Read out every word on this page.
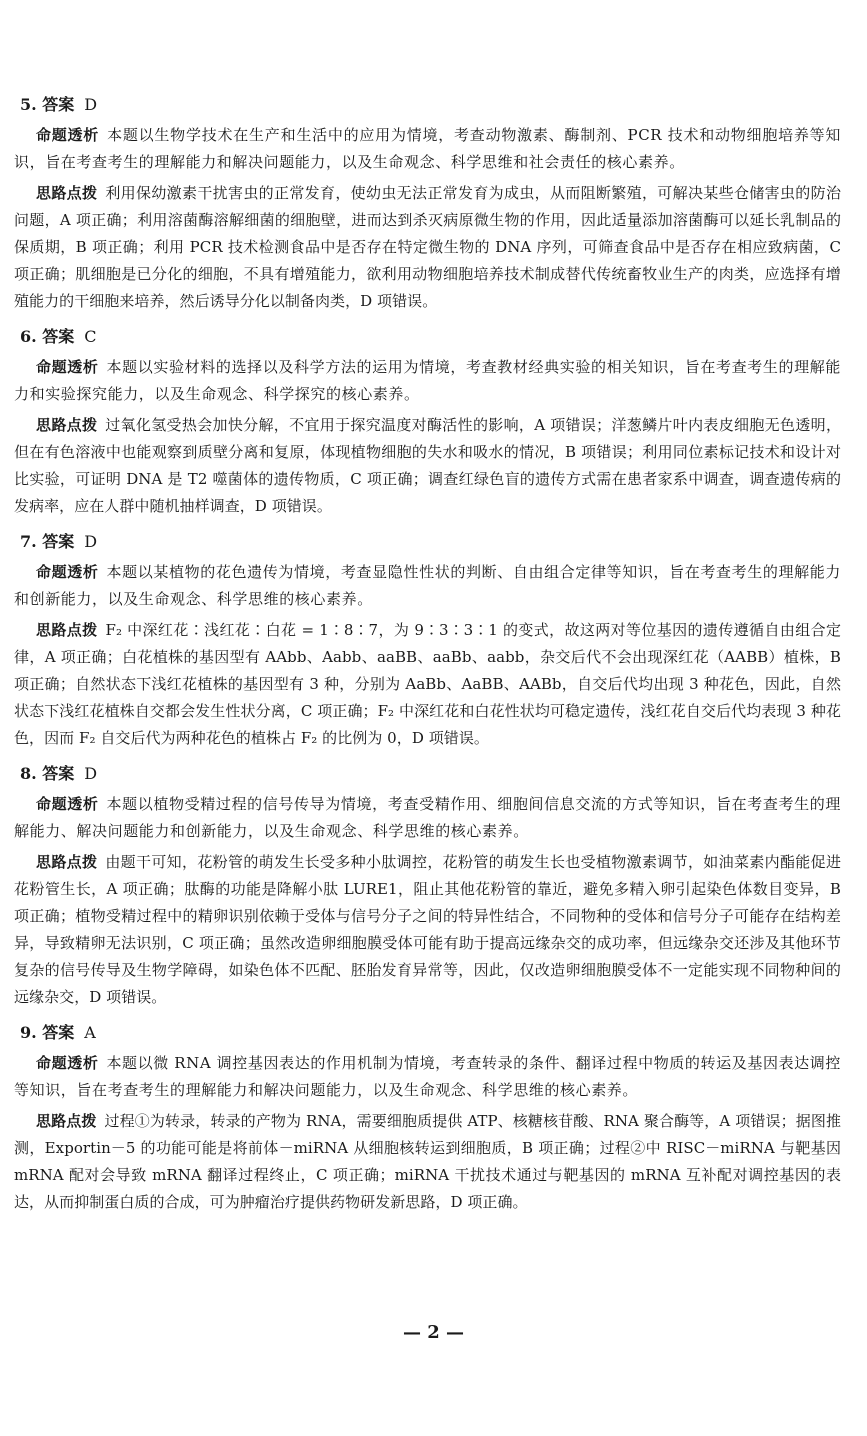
5. 答案 D

命题透析 本题以生物学技术在生产和生活中的应用为情境，考查动物激素、酶制剂、PCR 技术和动物细胞培养等知识，旨在考查考生的理解能力和解决问题能力，以及生命观念、科学思维和社会责任的核心素养。

思路点拨 利用保幼激素干扰害虫的正常发育，使幼虫无法正常发育为成虫，从而阻断繁殖，可解决某些仓储害虫的防治问题，A 项正确；利用溶菌酶溶解细菌的细胞壁，进而达到杀灭病原微生物的作用，因此适量添加溶菌酶可以延长乳制品的保质期，B 项正确；利用 PCR 技术检测食品中是否存在特定微生物的 DNA 序列，可筛查食品中是否存在相应致病菌，C 项正确；肌细胞是已分化的细胞，不具有增殖能力，欲利用动物细胞培养技术制成替代传统畜牧业生产的肉类，应选择有增殖能力的干细胞来培养，然后诱导分化以制备肉类，D 项错误。

6. 答案 C

命题透析 本题以实验材料的选择以及科学方法的运用为情境，考查教材经典实验的相关知识，旨在考查考生的理解能力和实验探究能力，以及生命观念、科学探究的核心素养。

思路点拨 过氧化氢受热会加快分解，不宜用于探究温度对酶活性的影响，A 项错误；洋葱鳞片叶内表皮细胞无色透明，但在有色溶液中也能观察到质壁分离和复原，体现植物细胞的失水和吸水的情况，B 项错误；利用同位素标记技术和设计对比实验，可证明 DNA 是 T2 噬菌体的遗传物质，C 项正确；调查红绿色盲的遗传方式需在患者家系中调查，调查遗传病的发病率，应在人群中随机抽样调查，D 项错误。

7. 答案 D

命题透析 本题以某植物的花色遗传为情境，考查显隐性性状的判断、自由组合定律等知识，旨在考查考生的理解能力和创新能力，以及生命观念、科学思维的核心素养。

思路点拨 F₂ 中深红花∶浅红花∶白花 = 1∶8∶7，为 9∶3∶3∶1 的变式，故这两对等位基因的遗传遵循自由组合定律，A 项正确；白花植株的基因型有 AAbb、Aabb、aaBB、aaBb、aabb，杂交后代不会出现深红花（AABB）植株，B 项正确；自然状态下浅红花植株的基因型有 3 种，分别为 AaBb、AaBB、AABb，自交后代均出现 3 种花色，因此，自然状态下浅红花植株自交都会发生性状分离，C 项正确；F₂ 中深红花和白花性状均可稳定遗传，浅红花自交后代均表现 3 种花色，因而 F₂ 自交后代为两种花色的植株占 F₂ 的比例为 0，D 项错误。

8. 答案 D

命题透析 本题以植物受精过程的信号传导为情境，考查受精作用、细胞间信息交流的方式等知识，旨在考查考生的理解能力、解决问题能力和创新能力，以及生命观念、科学思维的核心素养。

思路点拨 由题干可知，花粉管的萌发生长受多种小肽调控，花粉管的萌发生长也受植物激素调节，如油菜素内酯能促进花粉管生长，A 项正确；肽酶的功能是降解小肽 LURE1，阻止其他花粉管的靠近，避免多精入卵引起染色体数目变异，B 项正确；植物受精过程中的精卵识别依赖于受体与信号分子之间的特异性结合，不同物种的受体和信号分子可能存在结构差异，导致精卵无法识别，C 项正确；虽然改造卵细胞膜受体可能有助于提高远缘杂交的成功率，但远缘杂交还涉及其他环节复杂的信号传导及生物学障碍，如染色体不匹配、胚胎发育异常等，因此，仅改造卵细胞膜受体不一定能实现不同物种间的远缘杂交，D 项错误。

9. 答案 A

命题透析 本题以微 RNA 调控基因表达的作用机制为情境，考查转录的条件、翻译过程中物质的转运及基因表达调控等知识，旨在考查考生的理解能力和解决问题能力，以及生命观念、科学思维的核心素养。

思路点拨 过程①为转录，转录的产物为 RNA，需要细胞质提供 ATP、核糖核苷酸、RNA 聚合酶等，A 项错误；据图推测，Exportin－5 的功能可能是将前体－miRNA 从细胞核转运到细胞质，B 项正确；过程②中 RISC－miRNA 与靶基因 mRNA 配对会导致 mRNA 翻译过程终止，C 项正确；miRNA 干扰技术通过与靶基因的 mRNA 互补配对调控基因的表达，从而抑制蛋白质的合成，可为肿瘤治疗提供药物研发新思路，D 项正确。

— 2 —
